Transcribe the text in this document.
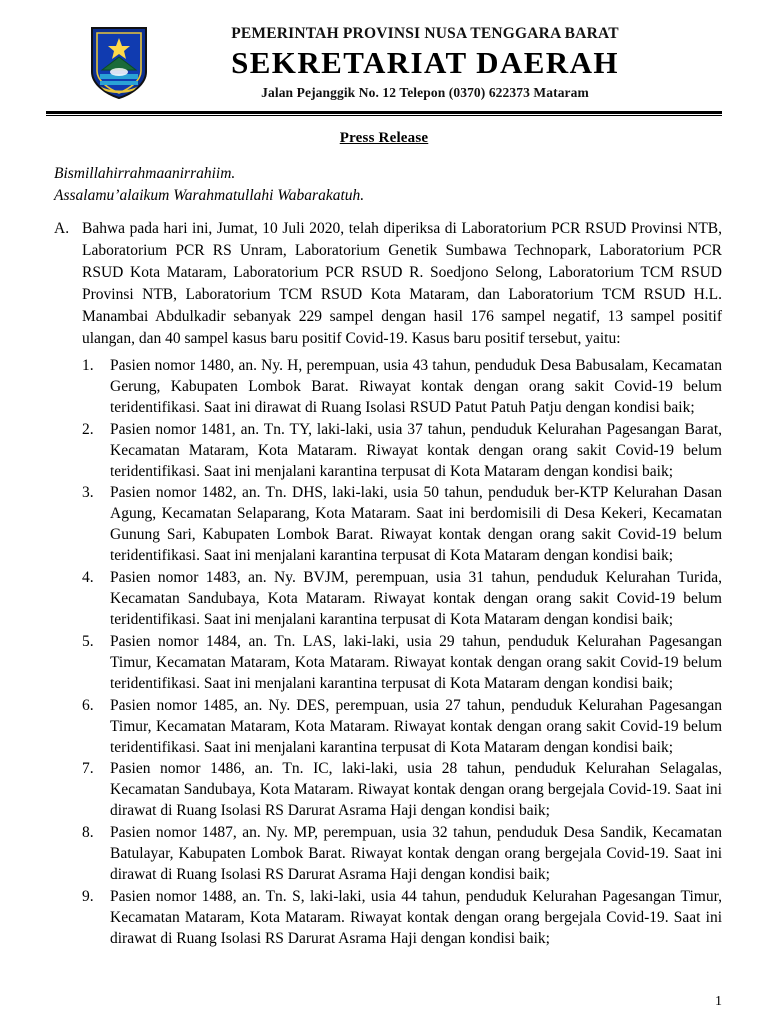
PEMERINTAH PROVINSI NUSA TENGGARA BARAT
SEKRETARIAT DAERAH
Jalan Pejanggik No. 12 Telepon (0370) 622373 Mataram
Press Release
Bismillahirrahmaanirrahiim.
Assalamu’alaikum Warahmatullahi Wabarakatuh.
A. Bahwa pada hari ini, Jumat, 10 Juli 2020, telah diperiksa di Laboratorium PCR RSUD Provinsi NTB, Laboratorium PCR RS Unram, Laboratorium Genetik Sumbawa Technopark, Laboratorium PCR RSUD Kota Mataram, Laboratorium PCR RSUD R. Soedjono Selong, Laboratorium TCM RSUD Provinsi NTB, Laboratorium TCM RSUD Kota Mataram, dan Laboratorium TCM RSUD H.L. Manambai Abdulkadir sebanyak 229 sampel dengan hasil 176 sampel negatif, 13 sampel positif ulangan, dan 40 sampel kasus baru positif Covid-19. Kasus baru positif tersebut, yaitu:
1.	Pasien nomor 1480, an. Ny. H, perempuan, usia 43 tahun, penduduk Desa Babusalam, Kecamatan Gerung, Kabupaten Lombok Barat. Riwayat kontak dengan orang sakit Covid-19 belum teridentifikasi. Saat ini dirawat di Ruang Isolasi RSUD Patut Patuh Patju dengan kondisi baik;
2.	Pasien nomor 1481, an. Tn. TY, laki-laki, usia 37 tahun, penduduk Kelurahan Pagesangan Barat, Kecamatan Mataram, Kota Mataram. Riwayat kontak dengan orang sakit Covid-19 belum teridentifikasi. Saat ini menjalani karantina terpusat di Kota Mataram dengan kondisi baik;
3.	Pasien nomor 1482, an. Tn. DHS, laki-laki, usia 50 tahun, penduduk ber-KTP Kelurahan Dasan Agung, Kecamatan Selaparang, Kota Mataram. Saat ini berdomisili di Desa Kekeri, Kecamatan Gunung Sari, Kabupaten Lombok Barat. Riwayat kontak dengan orang sakit Covid-19 belum teridentifikasi. Saat ini menjalani karantina terpusat di Kota Mataram dengan kondisi baik;
4.	Pasien nomor 1483, an. Ny. BVJM, perempuan, usia 31 tahun, penduduk Kelurahan Turida, Kecamatan Sandubaya, Kota Mataram. Riwayat kontak dengan orang sakit Covid-19 belum teridentifikasi. Saat ini menjalani karantina terpusat di Kota Mataram dengan kondisi baik;
5.	Pasien nomor 1484, an. Tn. LAS, laki-laki, usia 29 tahun, penduduk Kelurahan Pagesangan Timur, Kecamatan Mataram, Kota Mataram. Riwayat kontak dengan orang sakit Covid-19 belum teridentifikasi. Saat ini menjalani karantina terpusat di Kota Mataram dengan kondisi baik;
6.	Pasien nomor 1485, an. Ny. DES, perempuan, usia 27 tahun, penduduk Kelurahan Pagesangan Timur, Kecamatan Mataram, Kota Mataram. Riwayat kontak dengan orang sakit Covid-19 belum teridentifikasi. Saat ini menjalani karantina terpusat di Kota Mataram dengan kondisi baik;
7.	Pasien nomor 1486, an. Tn. IC, laki-laki, usia 28 tahun, penduduk Kelurahan Selagalas, Kecamatan Sandubaya, Kota Mataram. Riwayat kontak dengan orang bergejala Covid-19. Saat ini dirawat di Ruang Isolasi RS Darurat Asrama Haji dengan kondisi baik;
8.	Pasien nomor 1487, an. Ny. MP, perempuan, usia 32 tahun, penduduk Desa Sandik, Kecamatan Batulayar, Kabupaten Lombok Barat. Riwayat kontak dengan orang bergejala Covid-19. Saat ini dirawat di Ruang Isolasi RS Darurat Asrama Haji dengan kondisi baik;
9.	Pasien nomor 1488, an. Tn. S, laki-laki, usia 44 tahun, penduduk Kelurahan Pagesangan Timur, Kecamatan Mataram, Kota Mataram. Riwayat kontak dengan orang bergejala Covid-19. Saat ini dirawat di Ruang Isolasi RS Darurat Asrama Haji dengan kondisi baik;
1
